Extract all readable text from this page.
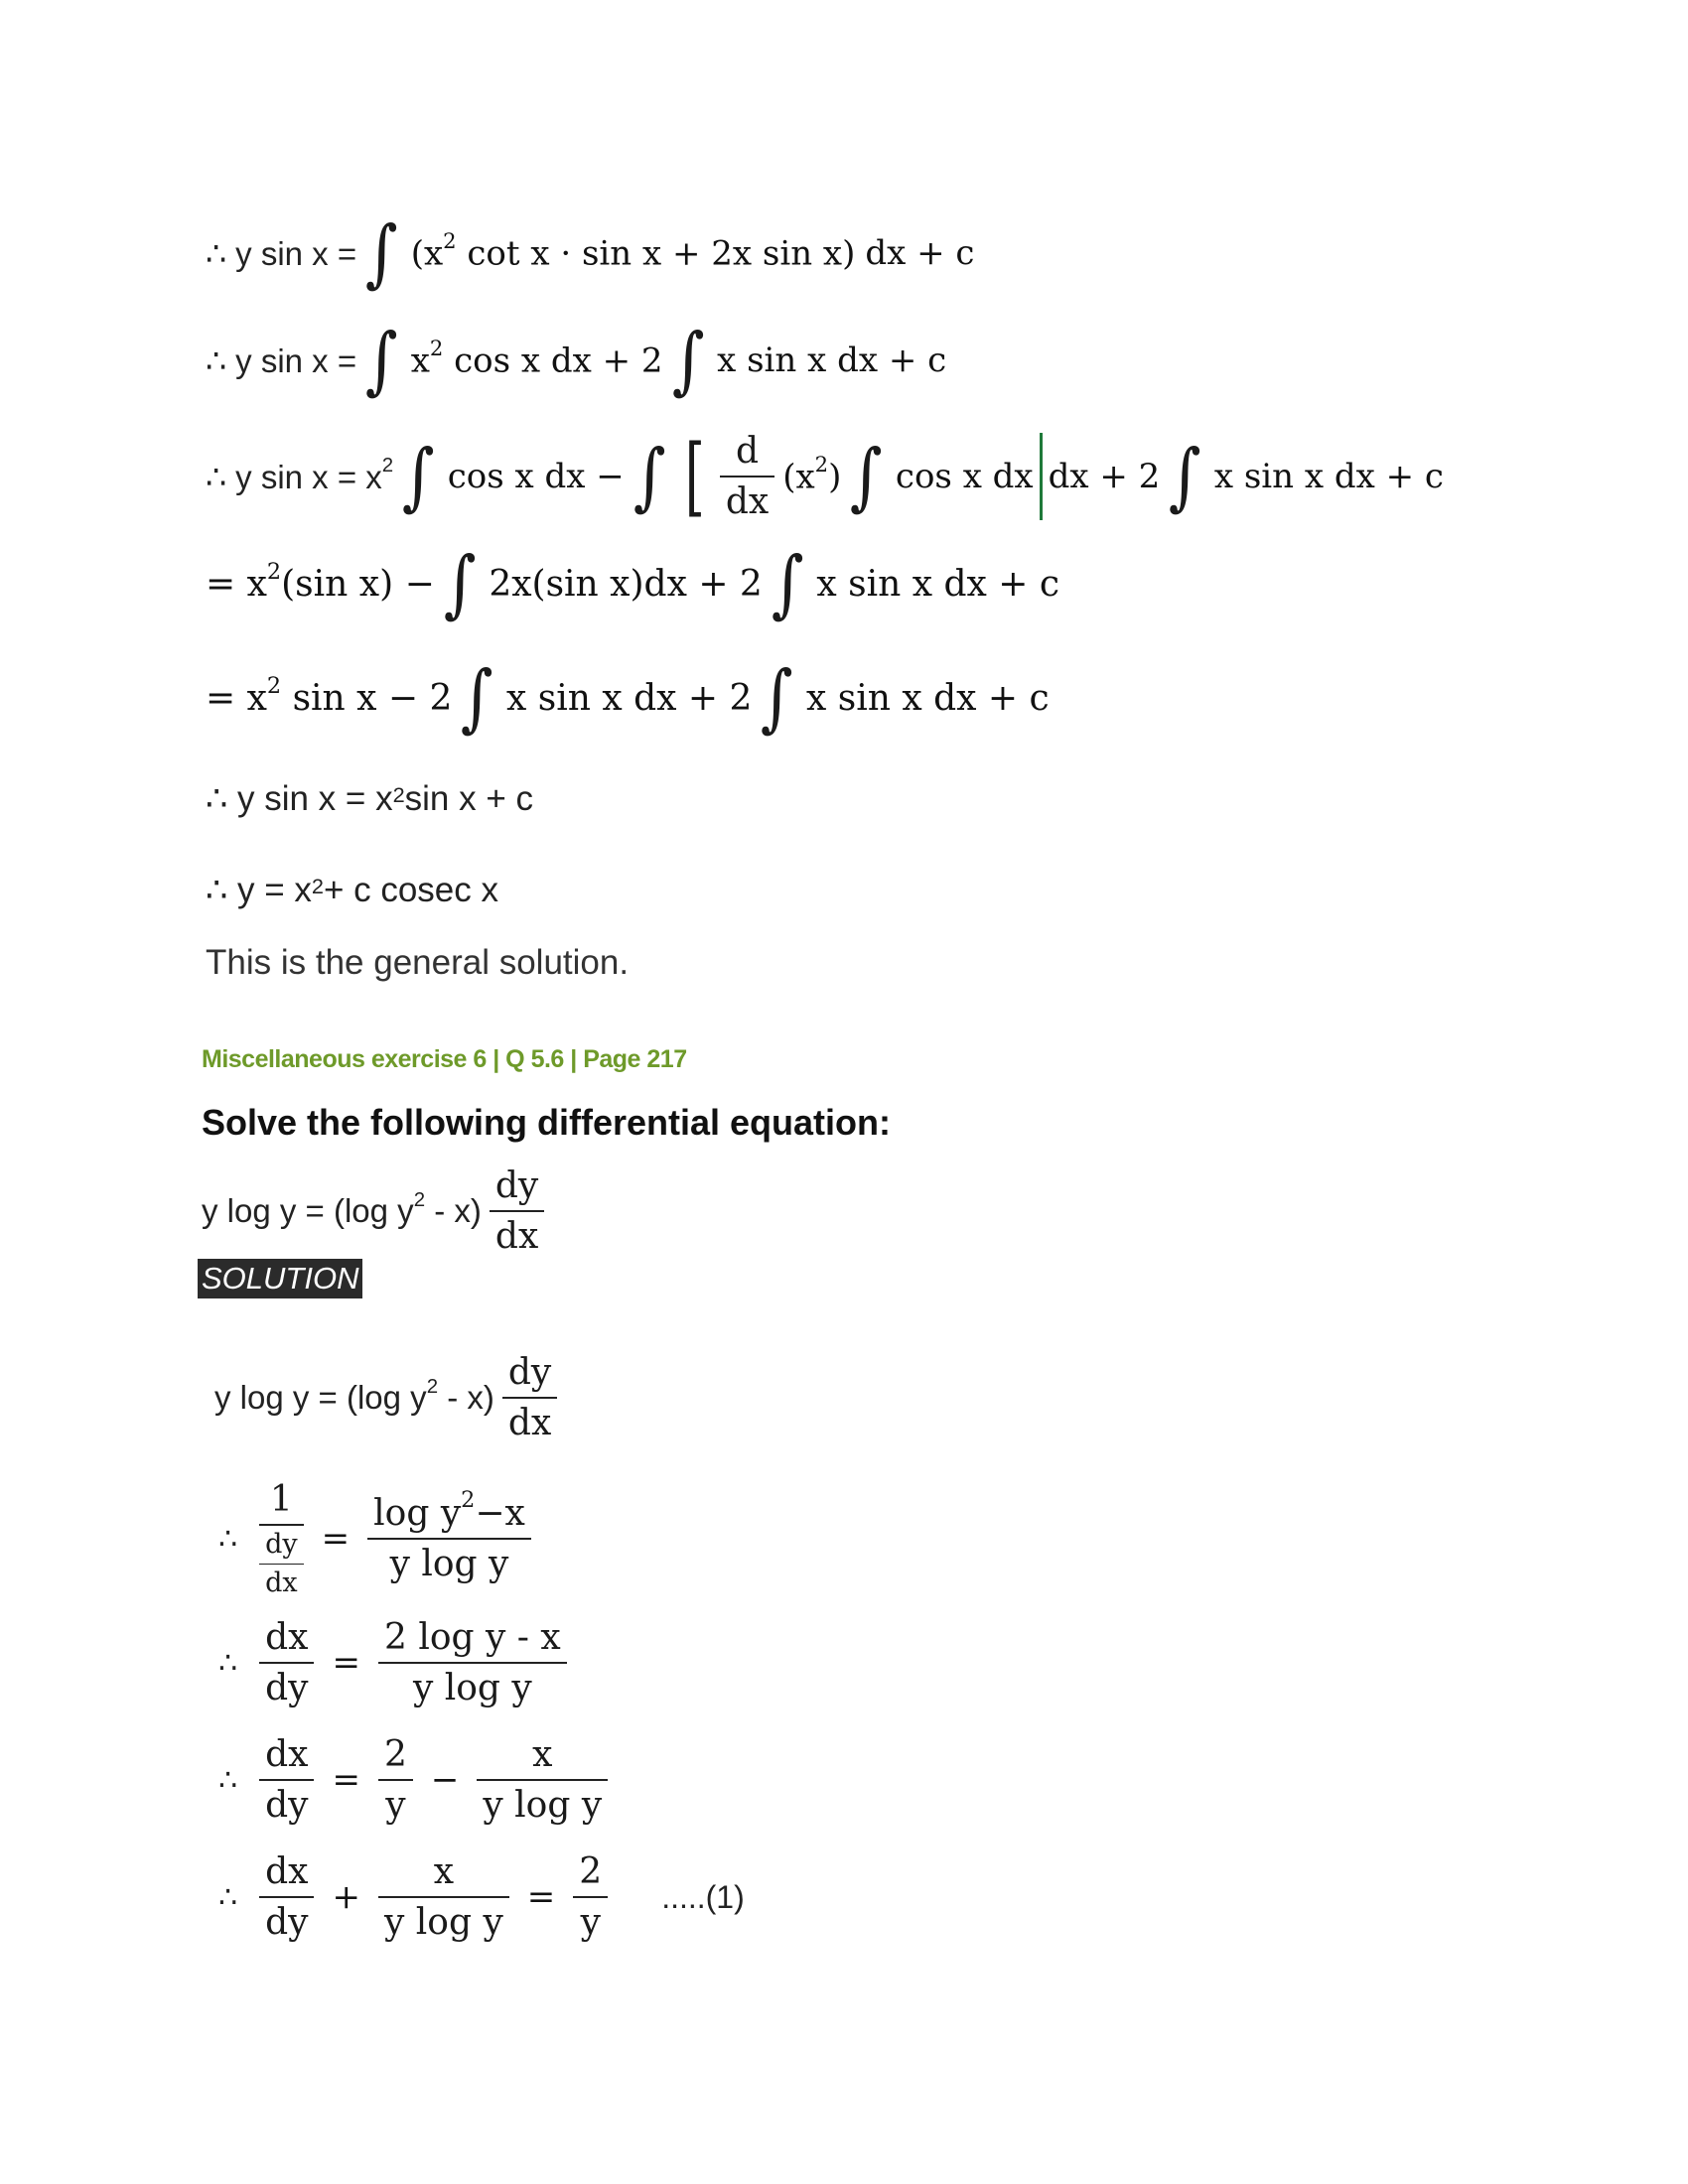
∴ y sin x = ∫ ($x^2$ cot x · sin x + 2x sin x) dx + c
∴ y sin x = ∫ $x^2$ cos x dx + 2 ∫ x sin x dx + c
∴ y $\sin x = x^2$ ∫ cos x dx − ∫ [ $\frac{d}{dx} (x^2)$ ∫ cos x dx dx + 2 ∫ x sin x dx + c
= $x^2(\sin$ x) − ∫ 2x(sin x)dx + 2 ∫ x sin x dx + c
= $x^2$ sin x − 2 ∫ x sin x dx + 2 ∫ x sin x dx + c
∴ y $\sin x = x^2$ sin x + c
∴ $y = x^2 + c$ cosec x
This is the general solution.
Miscellaneous exercise 6 | Q 5.6 | Page 217
Solve the following differential equation:
y log y = (log $y^2 - x) \frac{dy}{dx}$
SOLUTION
y log y = (log $y^2 - x) \frac{dy}{dx}$
∴ $\frac{1}{\frac{dy}{dx}} = \frac{\log y^2-x}{\text{y log y}}$
∴ $\frac{dx}{dy} = \frac{\text{2 log y - x}}{\text{y log y}}$
∴ $\frac{dx}{dy} = \frac{2}{y} - \frac{x}{\text{y log y}}$
∴ $\frac{dx}{dy} + \frac{x}{\text{y log y}} = \frac{2}{y} .....(1)$
